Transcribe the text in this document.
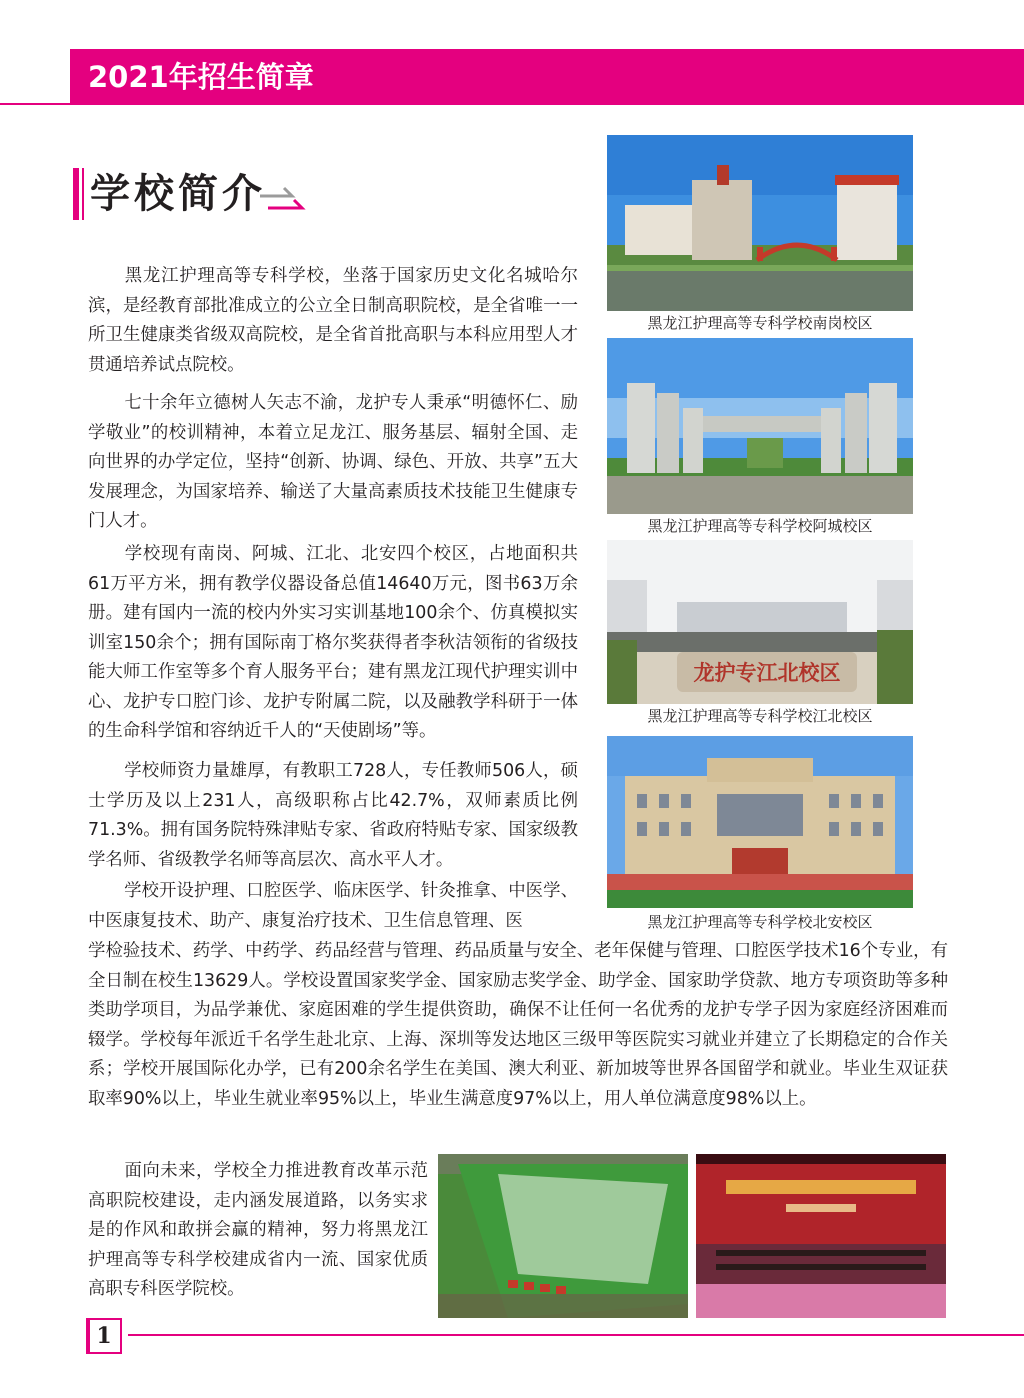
2021年招生简章
学校简介

黑龙江护理高等专科学校，坐落于国家历史文化名城哈尔滨，是经教育部批准成立的公立全日制高职院校，是全省唯一一所卫生健康类省级双高院校，是全省首批高职与本科应用型人才贯通培养试点院校。

七十余年立德树人矢志不渝，龙护专人秉承“明德怀仁、励学敬业”的校训精神，本着立足龙江、服务基层、辐射全国、走向世界的办学定位，坚持“创新、协调、绿色、开放、共享”五大发展理念，为国家培养、输送了大量高素质技术技能卫生健康专门人才。

学校现有南岗、阿城、江北、北安四个校区，占地面积共61万平方米，拥有教学仪器设备总值14640万元，图书63万余册。建有国内一流的校内外实习实训基地100余个、仿真模拟实训室150余个；拥有国际南丁格尔奖获得者李秋洁领衔的省级技能大师工作室等多个育人服务平台；建有黑龙江现代护理实训中心、龙护专口腔门诊、龙护专附属二院，以及融教学科研于一体的生命科学馆和容纳近千人的“天使剧场”等。

学校师资力量雄厚，有教职工728人，专任教师506人，硕士学历及以上231人，高级职称占比42.7%，双师素质比例71.3%。拥有国务院特殊津贴专家、省政府特贴专家、国家级教学名师、省级教学名师等高层次、高水平人才。

学校开设护理、口腔医学、临床医学、针灸推拿、中医学、中医康复技术、助产、康复治疗技术、卫生信息管理、医

学检验技术、药学、中药学、药品经营与管理、药品质量与安全、老年保健与管理、口腔医学技术16个专业，有全日制在校生13629人。学校设置国家奖学金、国家励志奖学金、助学金、国家助学贷款、地方专项资助等多种类助学项目，为品学兼优、家庭困难的学生提供资助，确保不让任何一名优秀的龙护专学子因为家庭经济困难而辍学。学校每年派近千名学生赴北京、上海、深圳等发达地区三级甲等医院实习就业并建立了长期稳定的合作关系；学校开展国际化办学，已有200余名学生在美国、澳大利亚、新加坡等世界各国留学和就业。毕业生双证获取率90%以上，毕业生就业率95%以上，毕业生满意度97%以上，用人单位满意度98%以上。

面向未来，学校全力推进教育改革示范高职院校建设，走内涵发展道路，以务实求是的作风和敢拼会赢的精神，努力将黑龙江护理高等专科学校建成省内一流、国家优质高职专科医学院校。

黑龙江护理高等专科学校南岗校区
黑龙江护理高等专科学校阿城校区
龙护专江北校区
黑龙江护理高等专科学校江北校区
黑龙江护理高等专科学校北安校区
1
